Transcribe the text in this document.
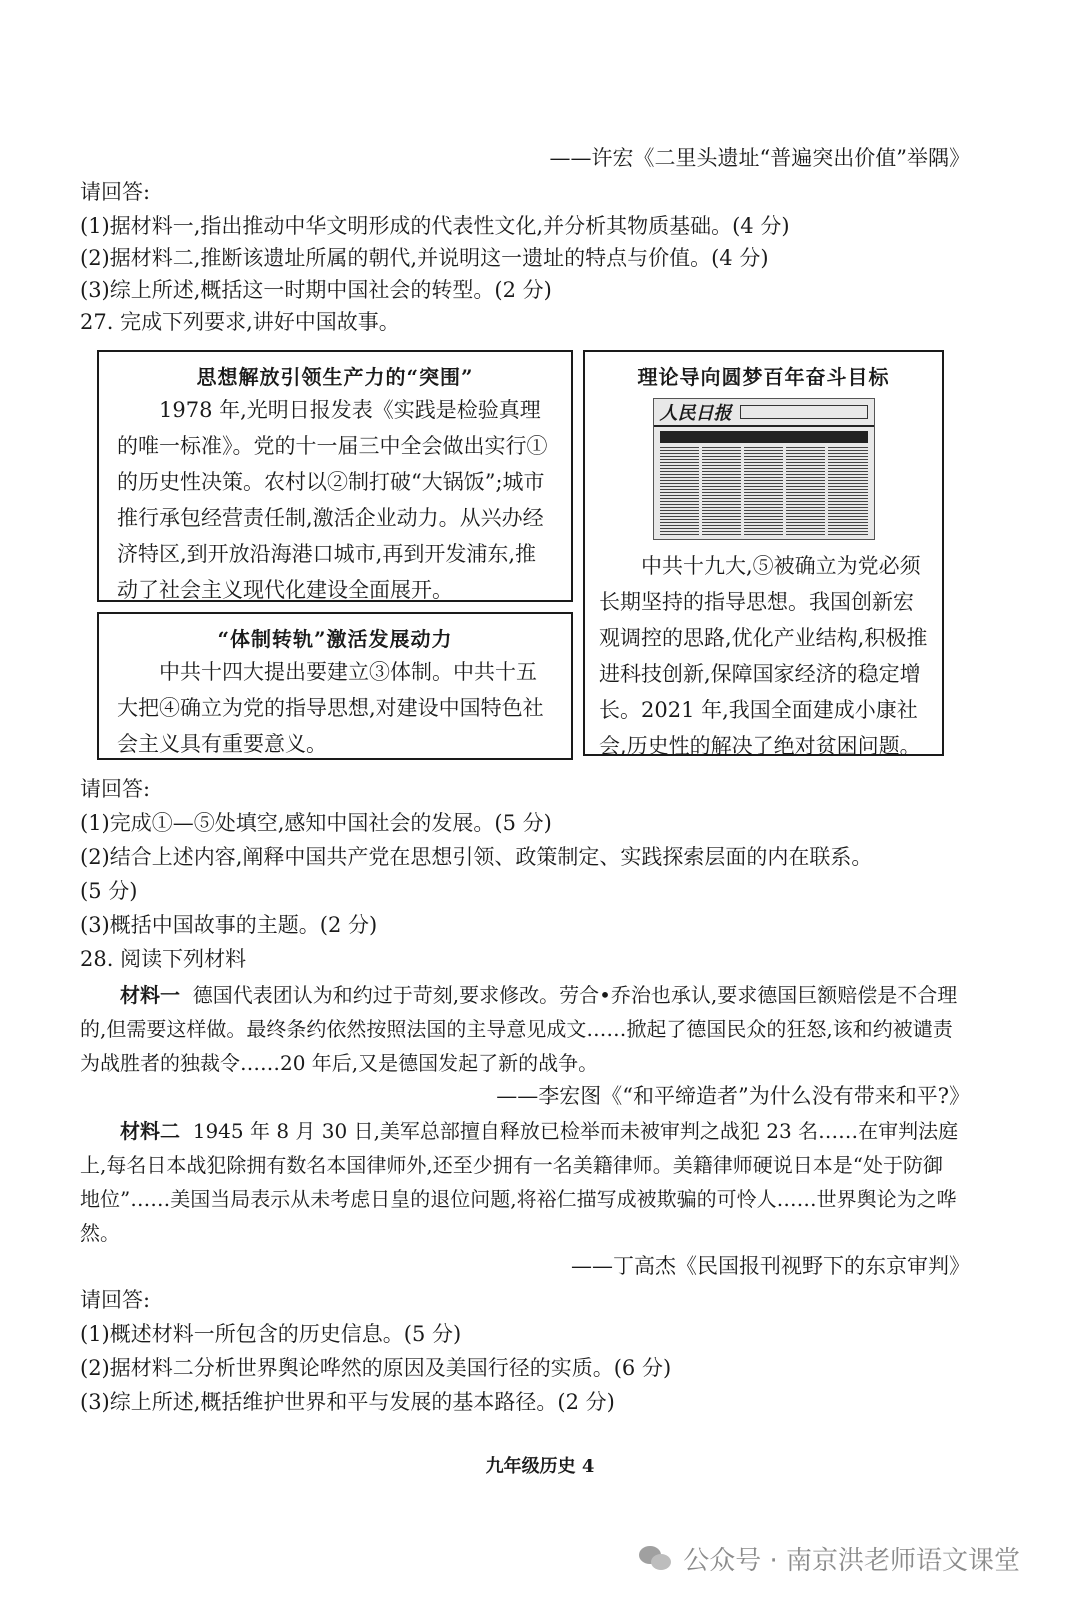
——许宏《二里头遗址“普遍突出价值”举隅》
请回答:
(1)据材料一,指出推动中华文明形成的代表性文化,并分析其物质基础。(4 分)
(2)据材料二,推断该遗址所属的朝代,并说明这一遗址的特点与价值。(4 分)
(3)综上所述,概括这一时期中国社会的转型。(2 分)
27. 完成下列要求,讲好中国故事。
思想解放引领生产力的“突围”
1978 年,光明日报发表《实践是检验真理的唯一标准》。党的十一届三中全会做出实行①的历史性决策。农村以②制打破“大锅饭”;城市推行承包经营责任制,激活企业动力。从兴办经济特区,到开放沿海港口城市,再到开发浦东,推动了社会主义现代化建设全面展开。
“体制转轨”激活发展动力
中共十四大提出要建立③体制。中共十五大把④确立为党的指导思想,对建设中国特色社会主义具有重要意义。
理论导向圆梦百年奋斗目标
人民日报
中共十九大,⑤被确立为党必须长期坚持的指导思想。我国创新宏观调控的思路,优化产业结构,积极推进科技创新,保障国家经济的稳定增长。2021 年,我国全面建成小康社会,历史性的解决了绝对贫困问题。
请回答:
(1)完成①—⑤处填空,感知中国社会的发展。(5 分)
(2)结合上述内容,阐释中国共产党在思想引领、政策制定、实践探索层面的内在联系。
(5 分)
(3)概括中国故事的主题。(2 分)
28. 阅读下列材料
材料一 德国代表团认为和约过于苛刻,要求修改。劳合•乔治也承认,要求德国巨额赔偿是不合理的,但需要这样做。最终条约依然按照法国的主导意见成文……掀起了德国民众的狂怒,该和约被谴责为战胜者的独裁令……20 年后,又是德国发起了新的战争。
——李宏图《“和平缔造者”为什么没有带来和平?》
材料二 1945 年 8 月 30 日,美军总部擅自释放已检举而未被审判之战犯 23 名……在审判法庭上,每名日本战犯除拥有数名本国律师外,还至少拥有一名美籍律师。美籍律师硬说日本是“处于防御地位”……美国当局表示从未考虑日皇的退位问题,将裕仁描写成被欺骗的可怜人……世界舆论为之哗然。
——丁高杰《民国报刊视野下的东京审判》
请回答:
(1)概述材料一所包含的历史信息。(5 分)
(2)据材料二分析世界舆论哗然的原因及美国行径的实质。(6 分)
(3)综上所述,概括维护世界和平与发展的基本路径。(2 分)
九年级历史 4
公众号 · 南京洪老师语文课堂
